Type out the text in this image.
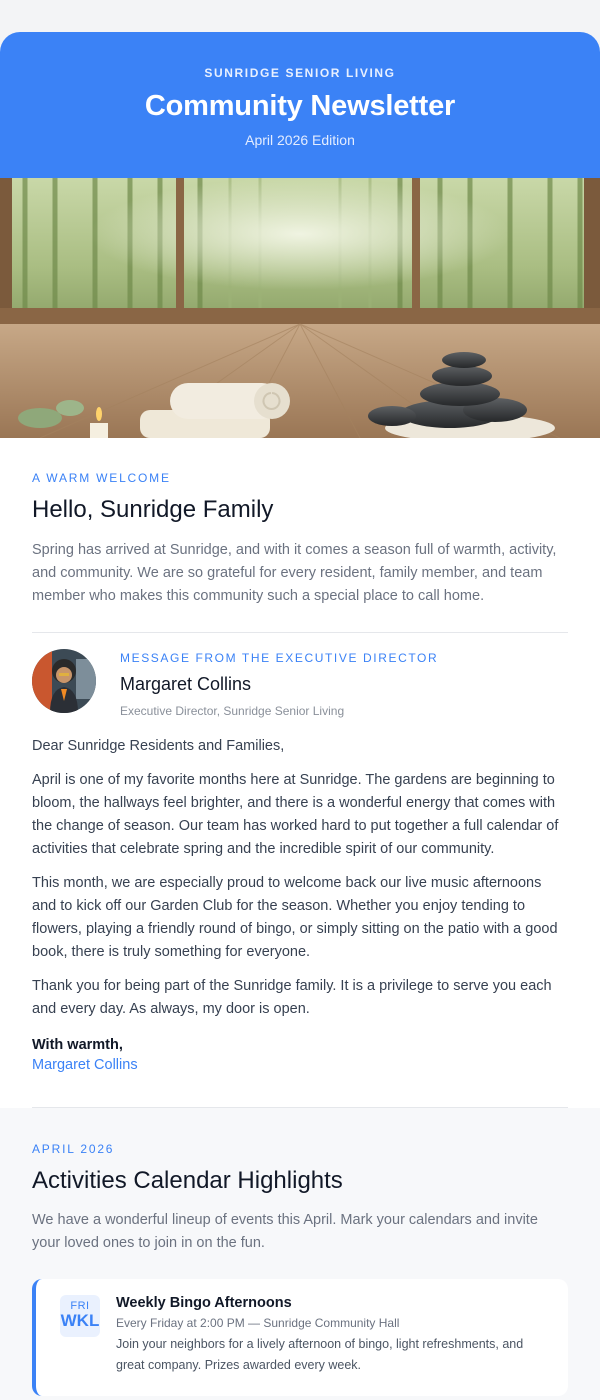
SUNRIDGE SENIOR LIVING
Community Newsletter
April 2026 Edition
A WARM WELCOME
Hello, Sunridge Family
Spring has arrived at Sunridge, and with it comes a season full of warmth, activity, and community. We are so grateful for every resident, family member, and team member who makes this community such a special place to call home.
MESSAGE FROM THE EXECUTIVE DIRECTOR
Margaret Collins
Executive Director, Sunridge Senior Living

Dear Sunridge Residents and Families,

April is one of my favorite months here at Sunridge. The gardens are beginning to bloom, the hallways feel brighter, and there is a wonderful energy that comes with the change of season. Our team has worked hard to put together a full calendar of activities that celebrate spring and the incredible spirit of our community.

This month, we are especially proud to welcome back our live music afternoons and to kick off our Garden Club for the season. Whether you enjoy tending to flowers, playing a friendly round of bingo, or simply sitting on the patio with a good book, there is truly something for everyone.

Thank you for being part of the Sunridge family. It is a privilege to serve you each and every day. As always, my door is open.

With warmth,
Margaret Collins
APRIL 2026
Activities Calendar Highlights
We have a wonderful lineup of events this April. Mark your calendars and invite your loved ones to join in on the fun.
FRI
WKL
Weekly Bingo Afternoons
Every Friday at 2:00 PM — Sunridge Community Hall
Join your neighbors for a lively afternoon of bingo, light refreshments, and great company. Prizes awarded every week.
